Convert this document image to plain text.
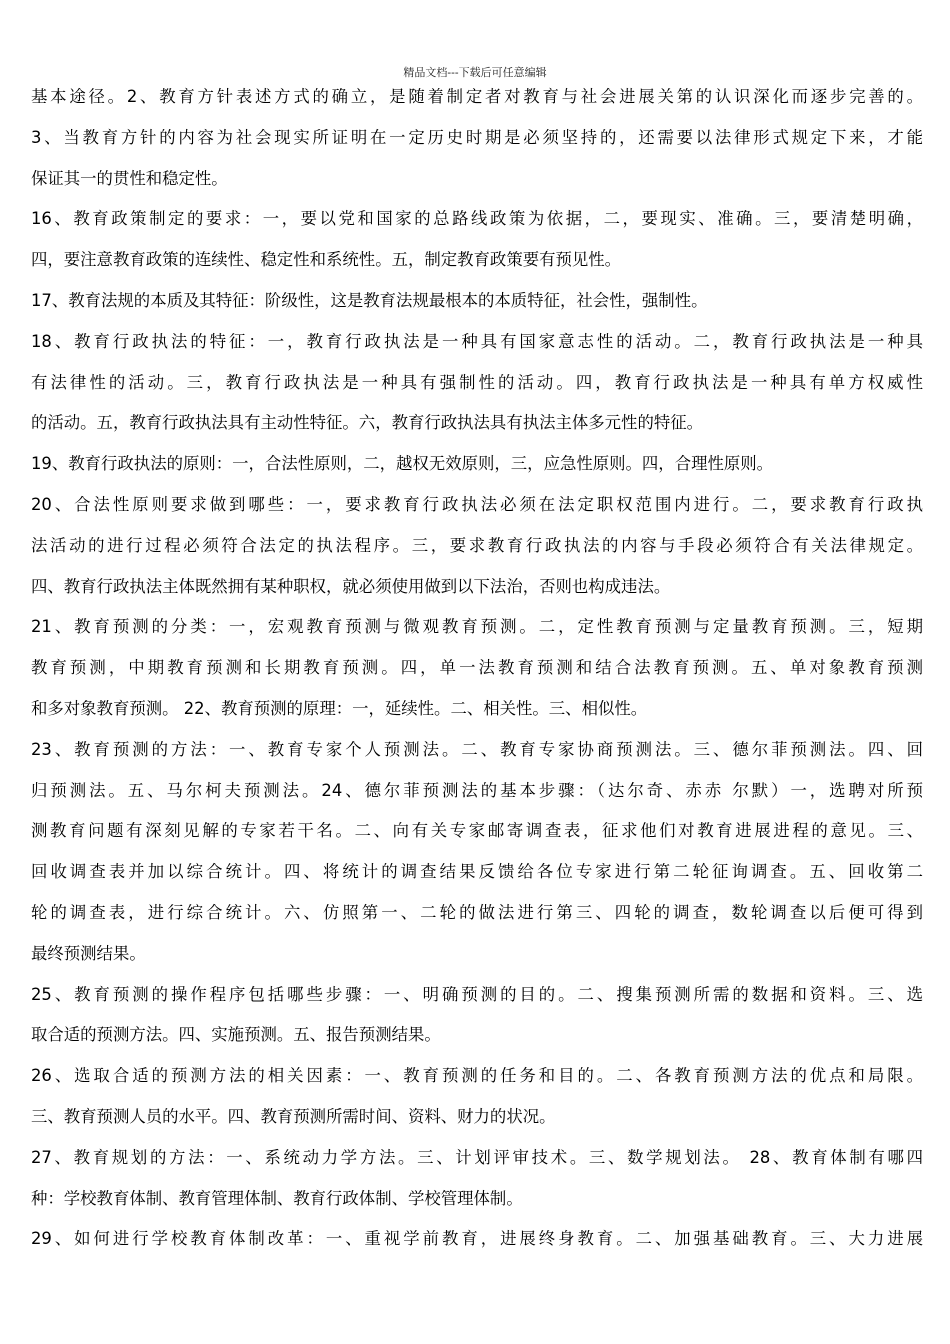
精品文档---下载后可任意编辑
基本途径。2、教育方针表述方式的确立，是随着制定者对教育与社会进展关第的认识深化而逐步完善的。
3、当教育方针的内容为社会现实所证明在一定历史时期是必须坚持的，还需要以法律形式规定下来，才能
保证其一的贯性和稳定性。
16、教育政策制定的要求：一，要以党和国家的总路线政策为依据，二，要现实、准确。三，要清楚明确，
四，要注意教育政策的连续性、稳定性和系统性。五，制定教育政策要有预见性。
17、教育法规的本质及其特征：阶级性，这是教育法规最根本的本质特征，社会性，强制性。
18、教育行政执法的特征：一，教育行政执法是一种具有国家意志性的活动。二，教育行政执法是一种具
有法律性的活动。三，教育行政执法是一种具有强制性的活动。四，教育行政执法是一种具有单方权威性
的活动。五，教育行政执法具有主动性特征。六，教育行政执法具有执法主体多元性的特征。
19、教育行政执法的原则：一，合法性原则，二，越权无效原则，三，应急性原则。四，合理性原则。
20、合法性原则要求做到哪些：一，要求教育行政执法必须在法定职权范围内进行。二，要求教育行政执
法活动的进行过程必须符合法定的执法程序。三，要求教育行政执法的内容与手段必须符合有关法律规定。
四、教育行政执法主体既然拥有某种职权，就必须使用做到以下法治，否则也构成违法。
21、教育预测的分类：一，宏观教育预测与微观教育预测。二，定性教育预测与定量教育预测。三，短期
教育预测，中期教育预测和长期教育预测。四，单一法教育预测和结合法教育预测。五、单对象教育预测
和多对象教育预测。 22、教育预测的原理：一，延续性。二、相关性。三、相似性。
23、教育预测的方法：一、教育专家个人预测法。二、教育专家协商预测法。三、德尔菲预测法。四、回
归预测法。五、马尔柯夫预测法。24、德尔菲预测法的基本步骤：（达尔奇、赤赤 尔默）一，选聘对所预
测教育问题有深刻见解的专家若干名。二、向有关专家邮寄调查表，征求他们对教育进展进程的意见。三、
回收调查表并加以综合统计。四、将统计的调查结果反馈给各位专家进行第二轮征询调查。五、回收第二
轮的调查表，进行综合统计。六、仿照第一、二轮的做法进行第三、四轮的调查，数轮调查以后便可得到
最终预测结果。
25、教育预测的操作程序包括哪些步骤：一、明确预测的目的。二、搜集预测所需的数据和资料。三、选
取合适的预测方法。四、实施预测。五、报告预测结果。
26、选取合适的预测方法的相关因素：一、教育预测的任务和目的。二、各教育预测方法的优点和局限。
三、教育预测人员的水平。四、教育预测所需时间、资料、财力的状况。
27、教育规划的方法：一、系统动力学方法。三、计划评审技术。三、数学规划法。 28、教育体制有哪四
种：学校教育体制、教育管理体制、教育行政体制、学校管理体制。
29、如何进行学校教育体制改革：一、重视学前教育，进展终身教育。二、加强基础教育。三、大力进展
